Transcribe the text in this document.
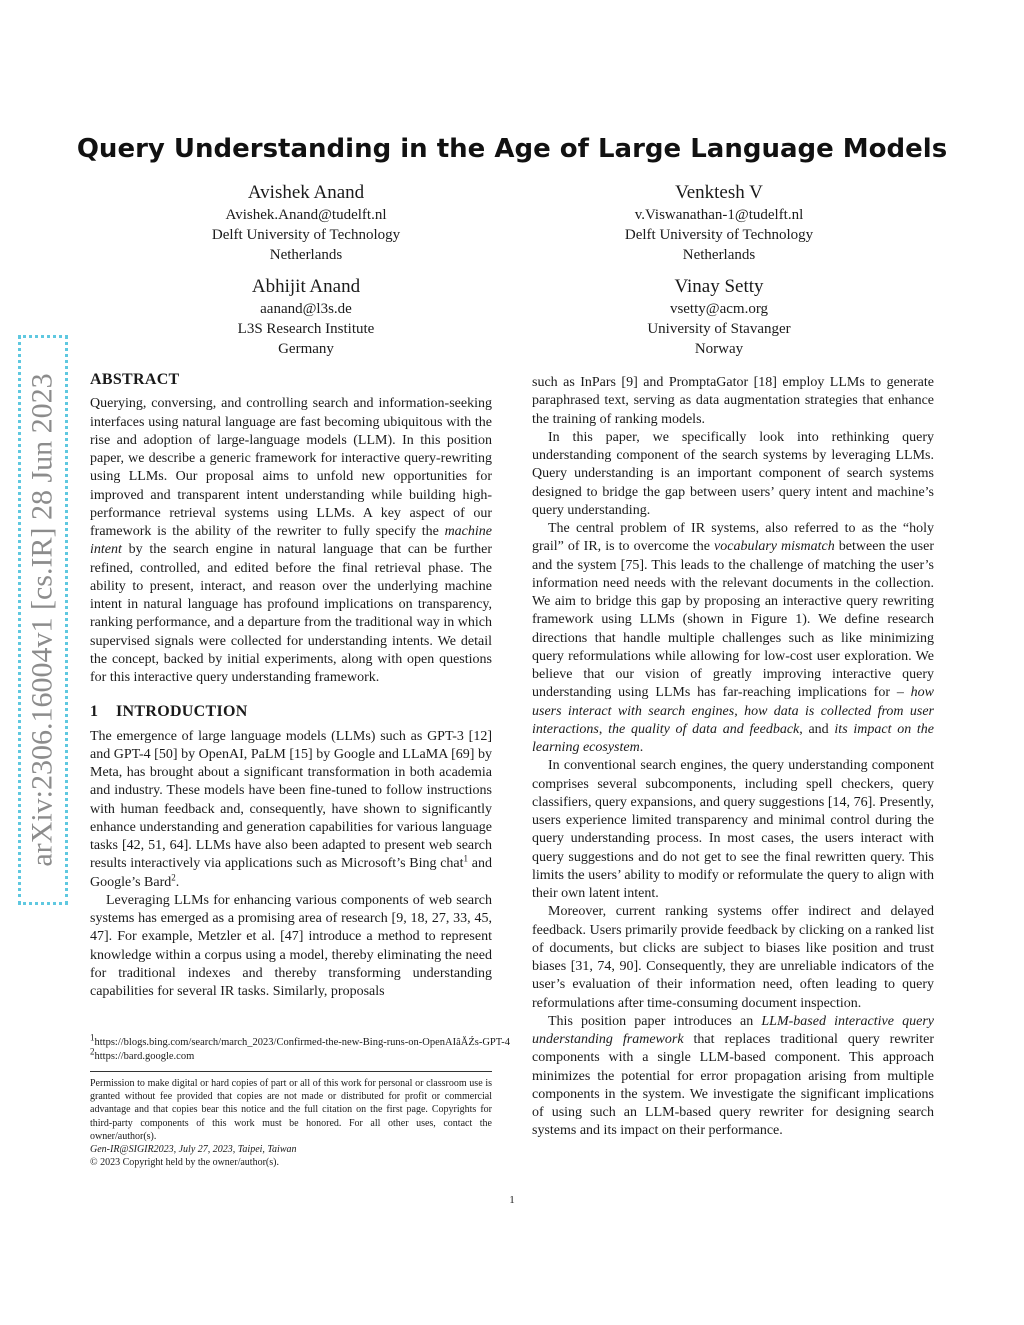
arXiv:2306.16004v1 [cs.IR] 28 Jun 2023
Query Understanding in the Age of Large Language Models
Avishek Anand
Avishek.Anand@tudelft.nl
Delft University of Technology
Netherlands
Venktesh V
v.Viswanathan-1@tudelft.nl
Delft University of Technology
Netherlands
Abhijit Anand
aanand@l3s.de
L3S Research Institute
Germany
Vinay Setty
vsetty@acm.org
University of Stavanger
Norway
ABSTRACT

Querying, conversing, and controlling search and information-seeking interfaces using natural language are fast becoming ubiquitous with the rise and adoption of large-language models (LLM). In this position paper, we describe a generic framework for interactive query-rewriting using LLMs. Our proposal aims to unfold new opportunities for improved and transparent intent understanding while building high-performance retrieval systems using LLMs. A key aspect of our framework is the ability of the rewriter to fully specify the machine intent by the search engine in natural language that can be further refined, controlled, and edited before the final retrieval phase. The ability to present, interact, and reason over the underlying machine intent in natural language has profound implications on transparency, ranking performance, and a departure from the traditional way in which supervised signals were collected for understanding intents. We detail the concept, backed by initial experiments, along with open questions for this interactive query understanding framework.

1 INTRODUCTION

The emergence of large language models (LLMs) such as GPT-3 [12] and GPT-4 [50] by OpenAI, PaLM [15] by Google and LLaMA [69] by Meta, has brought about a significant transformation in both academia and industry. These models have been fine-tuned to follow instructions with human feedback and, consequently, have shown to significantly enhance understanding and generation capabilities for various language tasks [42, 51, 64]. LLMs have also been adapted to present web search results interactively via applications such as Microsoft’s Bing chat$^1$ and Google’s Bard$^2$.

Leveraging LLMs for enhancing various components of web search systems has emerged as a promising area of research [9, 18, 27, 33, 45, 47]. For example, Metzler et al. [47] introduce a method to represent knowledge within a corpus using a model, thereby eliminating the need for traditional indexes and thereby transforming understanding capabilities for several IR tasks. Similarly, proposals

$^1$https://blogs.bing.com/search/march_2023/Confirmed-the-new-Bing-runs-on-OpenAIâĂŹs-GPT-4
$^2$https://bard.google.com
Permission to make digital or hard copies of part or all of this work for personal or classroom use is granted without fee provided that copies are not made or distributed for profit or commercial advantage and that copies bear this notice and the full citation on the first page. Copyrights for third-party components of this work must be honored. For all other uses, contact the owner/author(s).
Gen-IR@SIGIR2023, July 27, 2023, Taipei, Taiwan
© 2023 Copyright held by the owner/author(s).

such as InPars [9] and PromptaGator [18] employ LLMs to generate paraphrased text, serving as data augmentation strategies that enhance the training of ranking models.

In this paper, we specifically look into rethinking query understanding component of the search systems by leveraging LLMs. Query understanding is an important component of search systems designed to bridge the gap between users’ query intent and machine’s query understanding.

The central problem of IR systems, also referred to as the “holy grail” of IR, is to overcome the vocabulary mismatch between the user and the system [75]. This leads to the challenge of matching the user’s information need needs with the relevant documents in the collection. We aim to bridge this gap by proposing an interactive query rewriting framework using LLMs (shown in Figure 1). We define research directions that handle multiple challenges such as like minimizing query reformulations while allowing for low-cost user exploration. We believe that our vision of greatly improving interactive query understanding using LLMs has far-reaching implications for – how users interact with search engines, how data is collected from user interactions, the quality of data and feedback, and its impact on the learning ecosystem.

In conventional search engines, the query understanding component comprises several subcomponents, including spell checkers, query classifiers, query expansions, and query suggestions [14, 76]. Presently, users experience limited transparency and minimal control during the query understanding process. In most cases, the users interact with query suggestions and do not get to see the final rewritten query. This limits the users’ ability to modify or reformulate the query to align with their own latent intent.

Moreover, current ranking systems offer indirect and delayed feedback. Users primarily provide feedback by clicking on a ranked list of documents, but clicks are subject to biases like position and trust biases [31, 74, 90]. Consequently, they are unreliable indicators of the user’s evaluation of their information need, often leading to query reformulations after time-consuming document inspection.

This position paper introduces an LLM-based interactive query understanding framework that replaces traditional query rewriter components with a single LLM-based component. This approach minimizes the potential for error propagation arising from multiple components in the system. We investigate the significant implications of using such an LLM-based query rewriter for designing search systems and its impact on their performance.

1
